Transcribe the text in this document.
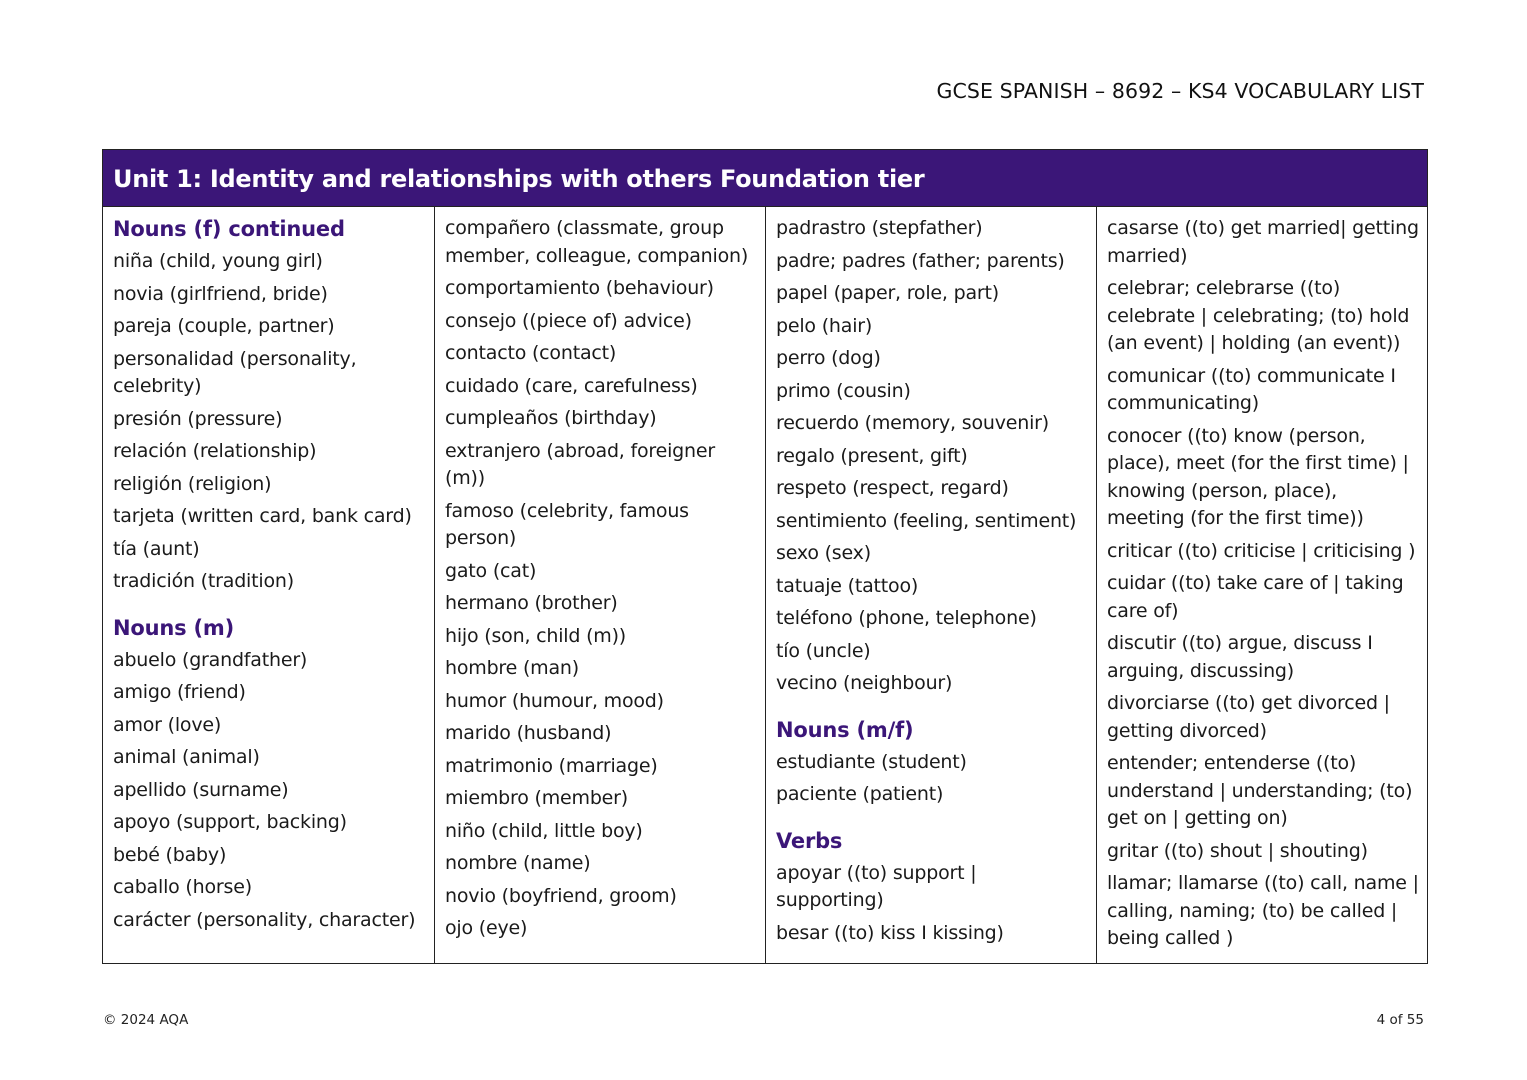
GCSE SPANISH – 8692 – KS4 VOCABULARY LIST
Unit 1: Identity and relationships with others Foundation tier
Nouns (f) continued
niña (child, young girl)
novia (girlfriend, bride)
pareja (couple, partner)
personalidad (personality, celebrity)
presión (pressure)
relación (relationship)
religión (religion)
tarjeta (written card, bank card)
tía (aunt)
tradición (tradition)
Nouns (m)
abuelo (grandfather)
amigo (friend)
amor (love)
animal (animal)
apellido (surname)
apoyo (support, backing)
bebé (baby)
caballo (horse)
carácter (personality, character)
compañero (classmate, group member, colleague, companion)
comportamiento (behaviour)
consejo ((piece of) advice)
contacto (contact)
cuidado (care, carefulness)
cumpleaños (birthday)
extranjero (abroad, foreigner (m))
famoso (celebrity, famous person)
gato (cat)
hermano (brother)
hijo (son, child (m))
hombre (man)
humor (humour, mood)
marido (husband)
matrimonio (marriage)
miembro (member)
niño (child, little boy)
nombre (name)
novio (boyfriend, groom)
ojo (eye)
padrastro (stepfather)
padre; padres (father; parents)
papel (paper, role, part)
pelo (hair)
perro (dog)
primo (cousin)
recuerdo (memory, souvenir)
regalo (present, gift)
respeto (respect, regard)
sentimiento (feeling, sentiment)
sexo (sex)
tatuaje (tattoo)
teléfono (phone, telephone)
tío (uncle)
vecino (neighbour)
Nouns (m/f)
estudiante (student)
paciente (patient)
Verbs
apoyar ((to) support | supporting)
besar ((to) kiss I kissing)
casarse ((to) get married| getting married)
celebrar; celebrarse ((to) celebrate | celebrating; (to) hold (an event) | holding (an event))
comunicar ((to) communicate I communicating)
conocer ((to) know (person, place), meet (for the first time) | knowing (person, place), meeting (for the first time))
criticar ((to) criticise | criticising )
cuidar ((to) take care of | taking care of)
discutir ((to) argue, discuss I arguing, discussing)
divorciarse ((to) get divorced | getting divorced)
entender; entenderse ((to) understand | understanding; (to) get on | getting on)
gritar ((to) shout | shouting)
llamar; llamarse ((to) call, name | calling, naming; (to) be called | being called )
© 2024 AQA	4 of 55
